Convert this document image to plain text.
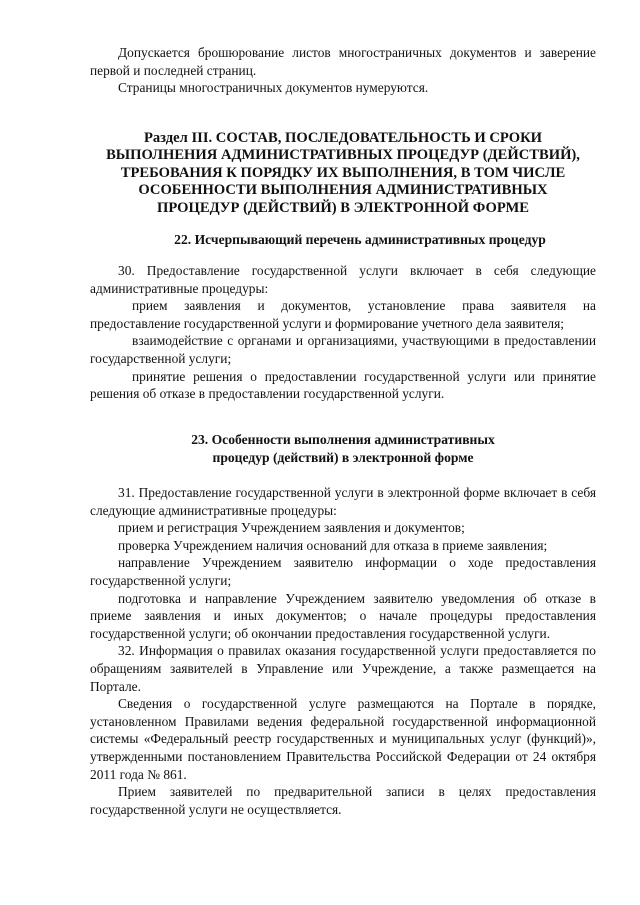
Допускается брошюрование листов многостраничных документов и заверение первой и последней страниц.

Страницы многостраничных документов нумеруются.

Раздел III. СОСТАВ, ПОСЛЕДОВАТЕЛЬНОСТЬ И СРОКИ
ВЫПОЛНЕНИЯ АДМИНИСТРАТИВНЫХ ПРОЦЕДУР (ДЕЙСТВИЙ),
ТРЕБОВАНИЯ К ПОРЯДКУ ИХ ВЫПОЛНЕНИЯ, В ТОМ ЧИСЛЕ
ОСОБЕННОСТИ ВЫПОЛНЕНИЯ АДМИНИСТРАТИВНЫХ
ПРОЦЕДУР (ДЕЙСТВИЙ) В ЭЛЕКТРОННОЙ ФОРМЕ
22. Исчерпывающий перечень административных процедур

30. Предоставление государственной услуги включает в себя следующие административные процедуры:

прием заявления и документов, установление права заявителя на предоставление государственной услуги и формирование учетного дела заявителя;

взаимодействие с органами и организациями, участвующими в предоставлении государственной услуги;

принятие решения о предоставлении государственной услуги или принятие решения об отказе в предоставлении государственной услуги.

23. Особенности выполнения административных
процедур (действий) в электронной форме

31. Предоставление государственной услуги в электронной форме включает в себя следующие административные процедуры:

прием и регистрация Учреждением заявления и документов;

проверка Учреждением наличия оснований для отказа в приеме заявления;

направление Учреждением заявителю информации о ходе предоставления государственной услуги;

подготовка и направление Учреждением заявителю уведомления об отказе в приеме заявления и иных документов; о начале процедуры предоставления государственной услуги; об окончании предоставления государственной услуги.

32. Информация о правилах оказания государственной услуги предоставляется по обращениям заявителей в Управление или Учреждение, а также размещается на Портале.

Сведения о государственной услуге размещаются на Портале в порядке, установленном Правилами ведения федеральной государственной информационной системы «Федеральный реестр государственных и муниципальных услуг (функций)», утвержденными постановлением Правительства Российской Федерации от 24 октября 2011 года № 861.

Прием заявителей по предварительной записи в целях предоставления государственной услуги не осуществляется.
